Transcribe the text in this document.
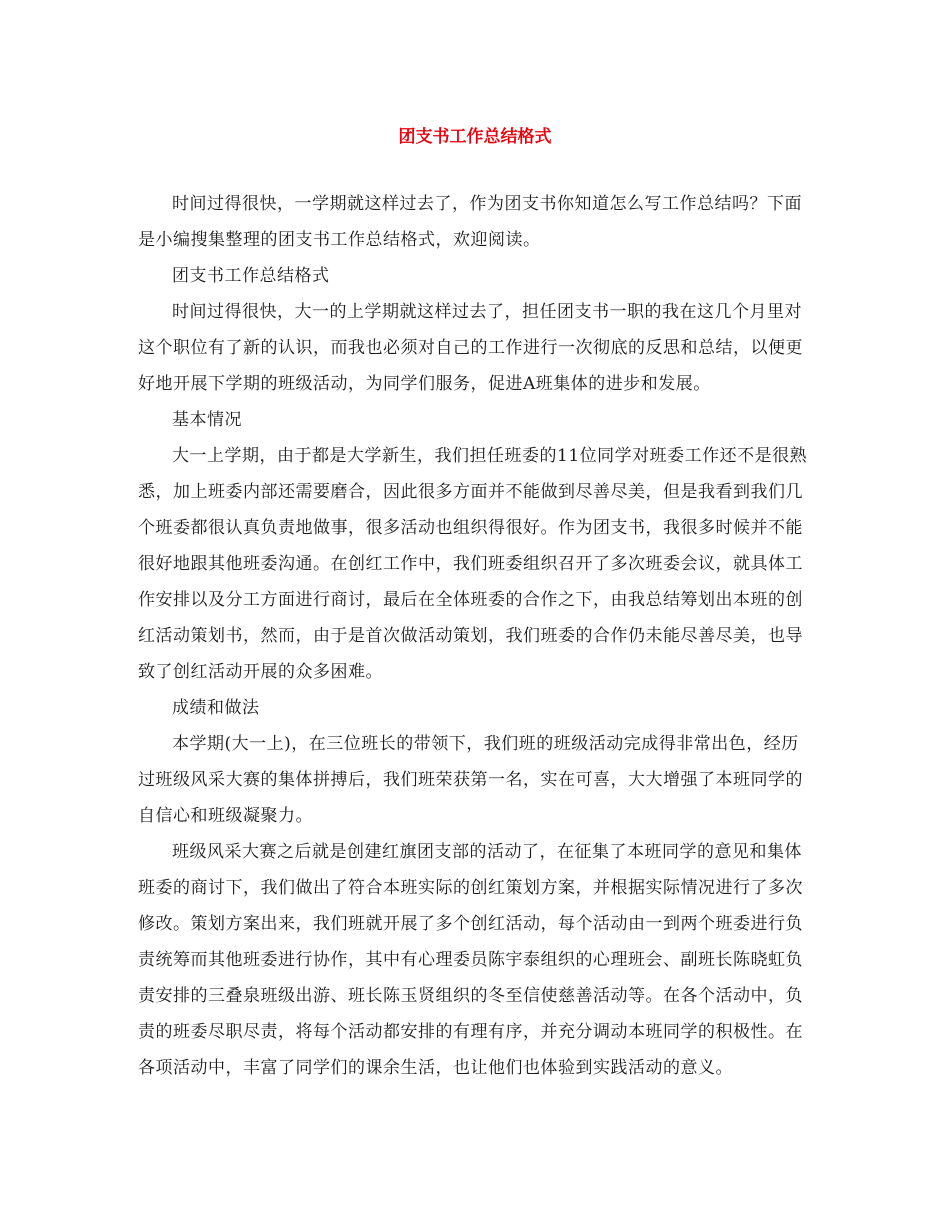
团支书工作总结格式

时间过得很快，一学期就这样过去了，作为团支书你知道怎么写工作总结吗？下面是小编搜集整理的团支书工作总结格式，欢迎阅读。

团支书工作总结格式

时间过得很快，大一的上学期就这样过去了，担任团支书一职的我在这几个月里对这个职位有了新的认识，而我也必须对自己的工作进行一次彻底的反思和总结，以便更好地开展下学期的班级活动，为同学们服务，促进A班集体的进步和发展。

基本情况

大一上学期，由于都是大学新生，我们担任班委的11位同学对班委工作还不是很熟悉，加上班委内部还需要磨合，因此很多方面并不能做到尽善尽美，但是我看到我们几个班委都很认真负责地做事，很多活动也组织得很好。作为团支书，我很多时候并不能很好地跟其他班委沟通。在创红工作中，我们班委组织召开了多次班委会议，就具体工作安排以及分工方面进行商讨，最后在全体班委的合作之下，由我总结筹划出本班的创红活动策划书，然而，由于是首次做活动策划，我们班委的合作仍未能尽善尽美，也导致了创红活动开展的众多困难。

成绩和做法

本学期(大一上)，在三位班长的带领下，我们班的班级活动完成得非常出色，经历过班级风采大赛的集体拼搏后，我们班荣获第一名，实在可喜，大大增强了本班同学的自信心和班级凝聚力。

班级风采大赛之后就是创建红旗团支部的活动了，在征集了本班同学的意见和集体班委的商讨下，我们做出了符合本班实际的创红策划方案，并根据实际情况进行了多次修改。策划方案出来，我们班就开展了多个创红活动，每个活动由一到两个班委进行负责统筹而其他班委进行协作，其中有心理委员陈宇泰组织的心理班会、副班长陈晓虹负责安排的三叠泉班级出游、班长陈玉贤组织的冬至信使慈善活动等。在各个活动中，负责的班委尽职尽责，将每个活动都安排的有理有序，并充分调动本班同学的积极性。在各项活动中，丰富了同学们的课余生活，也让他们也体验到实践活动的意义。
